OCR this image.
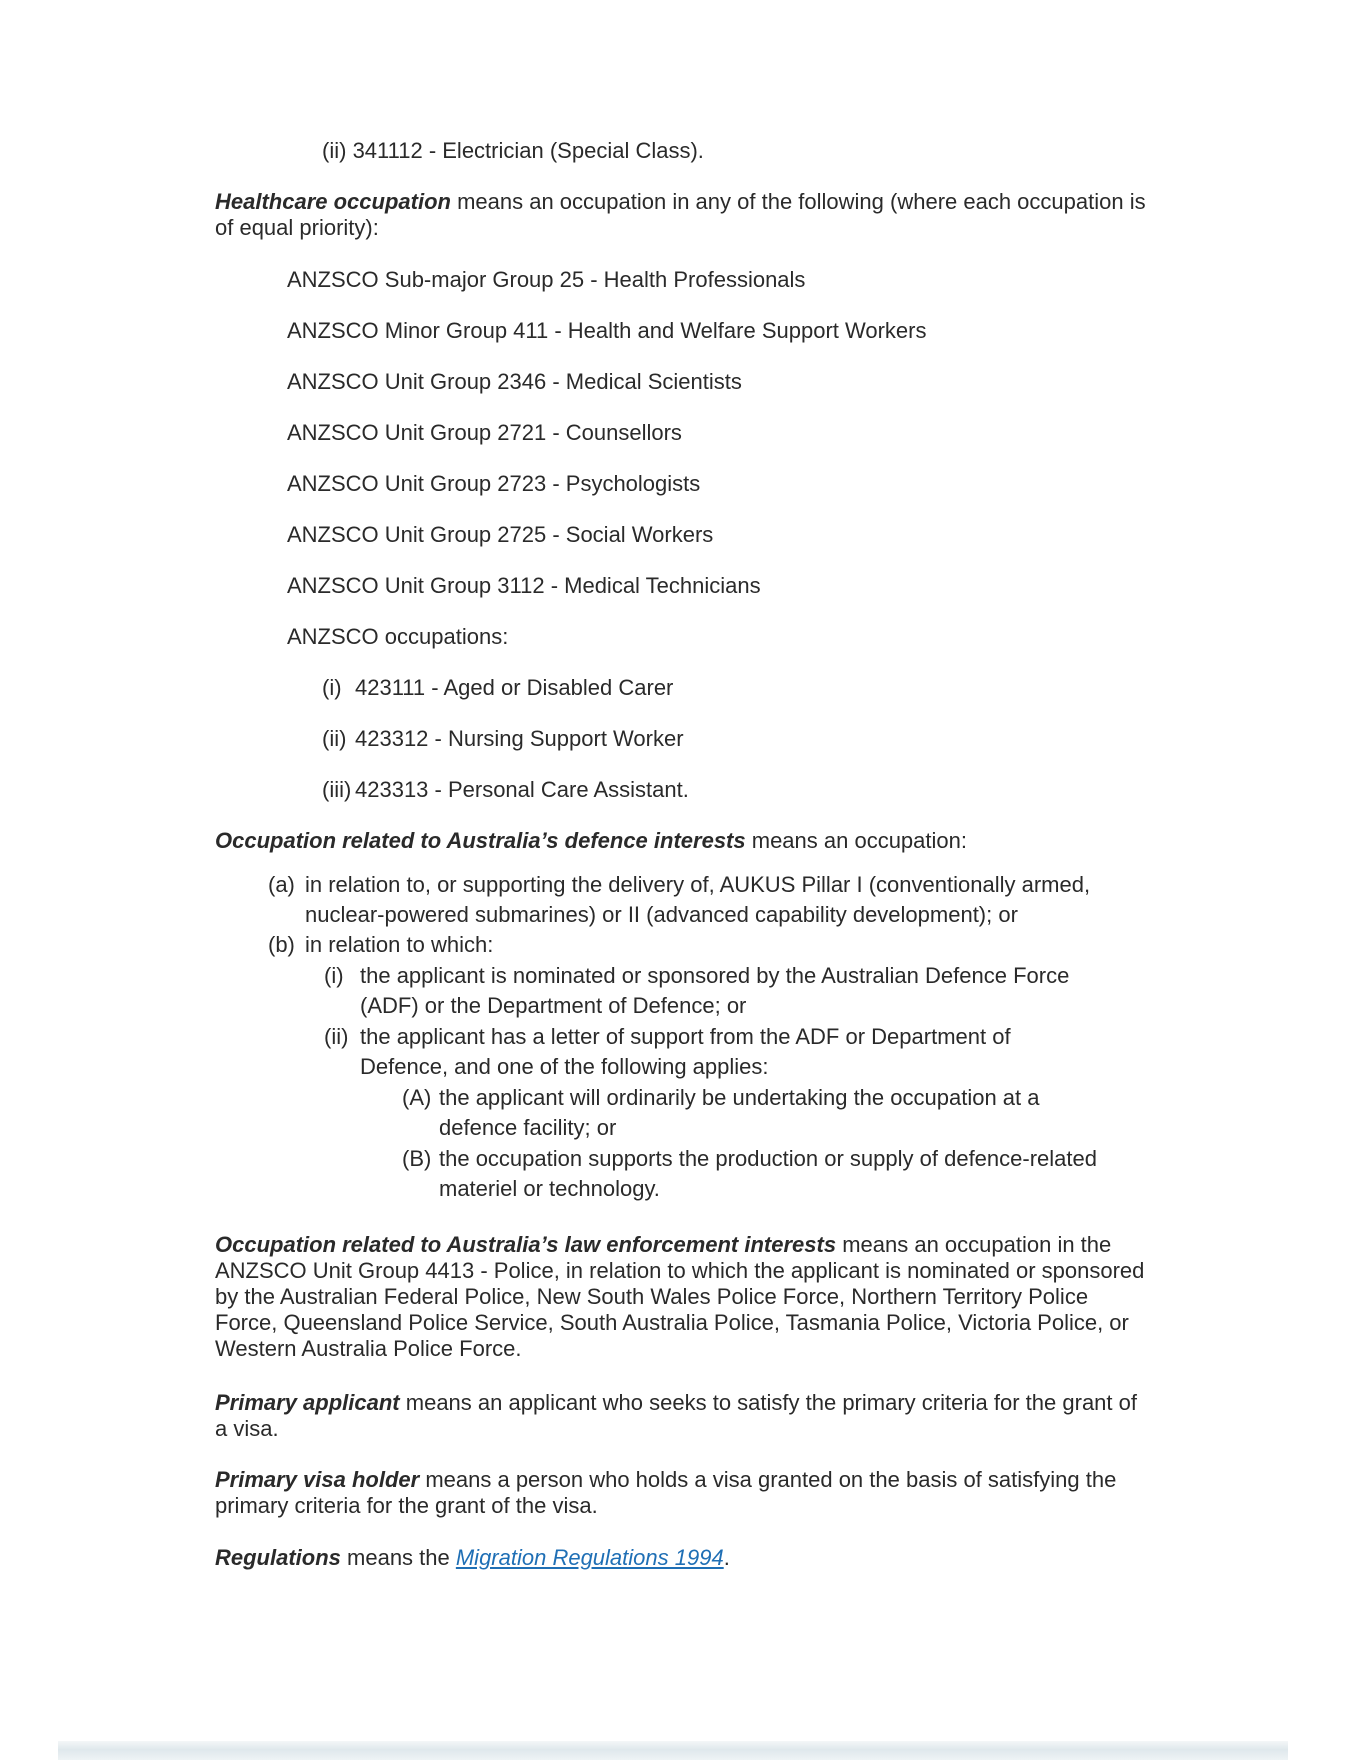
(ii) 341112 - Electrician (Special Class).
Healthcare occupation means an occupation in any of the following (where each occupation is of equal priority):
ANZSCO Sub-major Group 25 - Health Professionals
ANZSCO Minor Group 411 - Health and Welfare Support Workers
ANZSCO Unit Group 2346 - Medical Scientists
ANZSCO Unit Group 2721 - Counsellors
ANZSCO Unit Group 2723 - Psychologists
ANZSCO Unit Group 2725 - Social Workers
ANZSCO Unit Group 3112 - Medical Technicians
ANZSCO occupations:
(i) 423111 - Aged or Disabled Carer
(ii) 423312 - Nursing Support Worker
(iii) 423313 - Personal Care Assistant.
Occupation related to Australia’s defence interests means an occupation:
(a) in relation to, or supporting the delivery of, AUKUS Pillar I (conventionally armed,
nuclear-powered submarines) or II (advanced capability development); or
(b) in relation to which:
(i) the applicant is nominated or sponsored by the Australian Defence Force
(ADF) or the Department of Defence; or
(ii) the applicant has a letter of support from the ADF or Department of
Defence, and one of the following applies:
(A) the applicant will ordinarily be undertaking the occupation at a
defence facility; or
(B) the occupation supports the production or supply of defence-related
materiel or technology.
Occupation related to Australia’s law enforcement interests means an occupation in the ANZSCO Unit Group 4413 - Police, in relation to which the applicant is nominated or sponsored by the Australian Federal Police, New South Wales Police Force, Northern Territory Police Force, Queensland Police Service, South Australia Police, Tasmania Police, Victoria Police, or Western Australia Police Force.
Primary applicant means an applicant who seeks to satisfy the primary criteria for the grant of a visa.
Primary visa holder means a person who holds a visa granted on the basis of satisfying the primary criteria for the grant of the visa.
Regulations means the Migration Regulations 1994.
